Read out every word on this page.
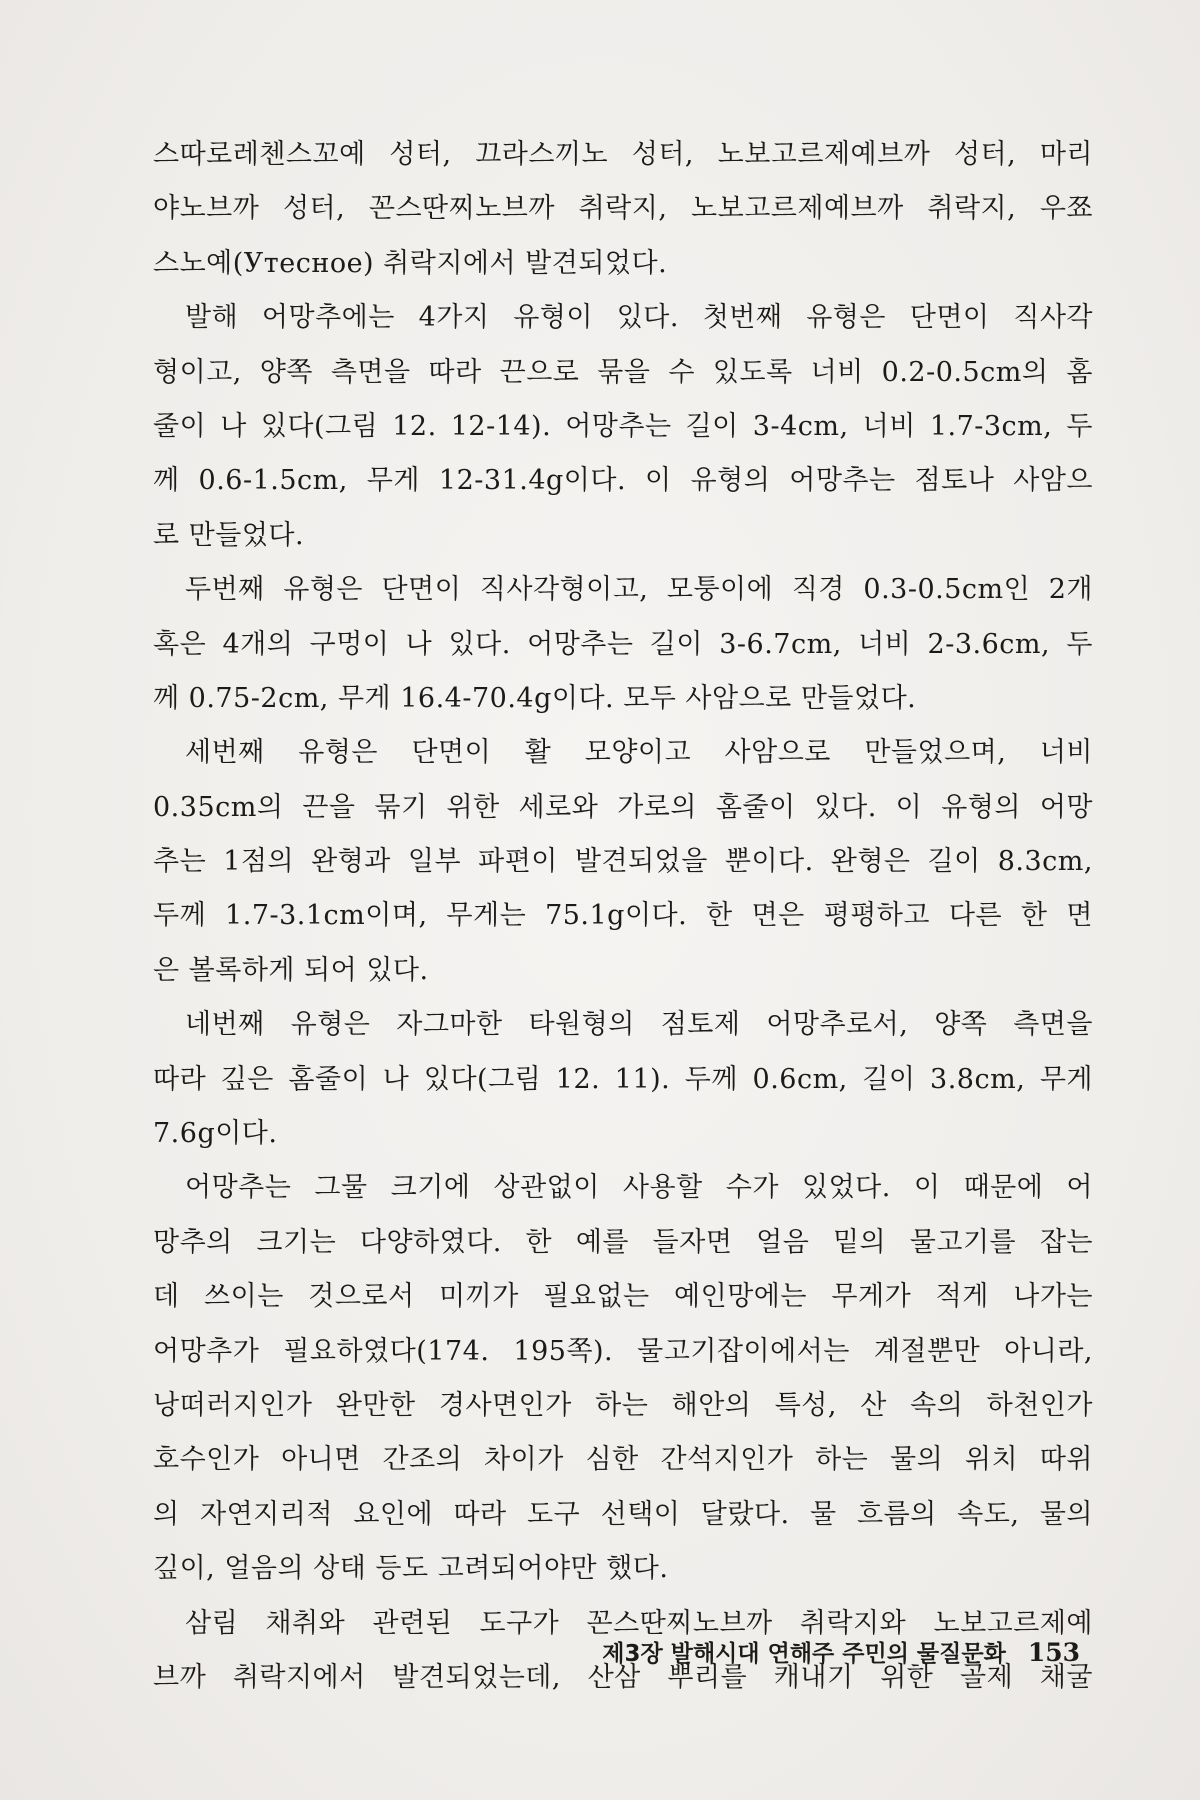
스따로레첸스꼬예 성터, 끄라스끼노 성터, 노보고르제예브까 성터, 마리
야노브까 성터, 꼰스딴찌노브까 취락지, 노보고르제예브까 취락지, 우쬬
스노예(Утесное) 취락지에서 발견되었다.
발해 어망추에는 4가지 유형이 있다. 첫번째 유형은 단면이 직사각
형이고, 양쪽 측면을 따라 끈으로 묶을 수 있도록 너비 0.2-0.5cm의 홈
줄이 나 있다(그림 12. 12-14). 어망추는 길이 3-4cm, 너비 1.7-3cm, 두
께 0.6-1.5cm, 무게 12-31.4g이다. 이 유형의 어망추는 점토나 사암으
로 만들었다.
두번째 유형은 단면이 직사각형이고, 모퉁이에 직경 0.3-0.5cm인 2개
혹은 4개의 구멍이 나 있다. 어망추는 길이 3-6.7cm, 너비 2-3.6cm, 두
께 0.75-2cm, 무게 16.4-70.4g이다. 모두 사암으로 만들었다.
세번째 유형은 단면이 활 모양이고 사암으로 만들었으며, 너비
0.35cm의 끈을 묶기 위한 세로와 가로의 홈줄이 있다. 이 유형의 어망
추는 1점의 완형과 일부 파편이 발견되었을 뿐이다. 완형은 길이 8.3cm,
두께 1.7-3.1cm이며, 무게는 75.1g이다. 한 면은 평평하고 다른 한 면
은 볼록하게 되어 있다.
네번째 유형은 자그마한 타원형의 점토제 어망추로서, 양쪽 측면을
따라 깊은 홈줄이 나 있다(그림 12. 11). 두께 0.6cm, 길이 3.8cm, 무게
7.6g이다.
어망추는 그물 크기에 상관없이 사용할 수가 있었다. 이 때문에 어
망추의 크기는 다양하였다. 한 예를 들자면 얼음 밑의 물고기를 잡는
데 쓰이는 것으로서 미끼가 필요없는 예인망에는 무게가 적게 나가는
어망추가 필요하였다(174. 195쪽). 물고기잡이에서는 계절뿐만 아니라,
낭떠러지인가 완만한 경사면인가 하는 해안의 특성, 산 속의 하천인가
호수인가 아니면 간조의 차이가 심한 간석지인가 하는 물의 위치 따위
의 자연지리적 요인에 따라 도구 선택이 달랐다. 물 흐름의 속도, 물의
깊이, 얼음의 상태 등도 고려되어야만 했다.
삼림 채취와 관련된 도구가 꼰스딴찌노브까 취락지와 노보고르제예
브까 취락지에서 발견되었는데, 산삼 뿌리를 캐내기 위한 골제 채굴
제3장 발해시대 연해주 주민의 물질문화 153
